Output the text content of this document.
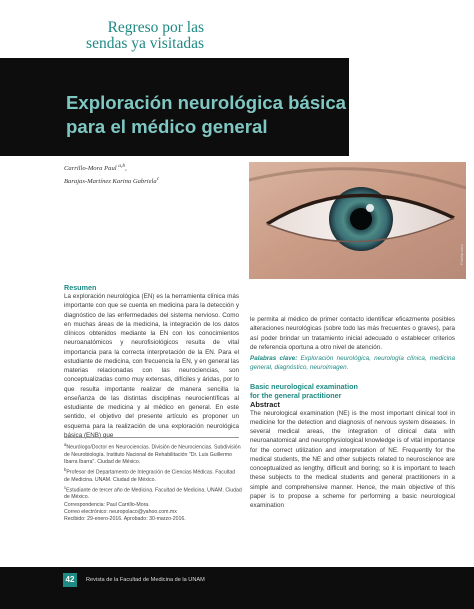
Regreso por las
sendas ya visitadas
Exploración neurológica básica
para el médico general
Carrillo-Mora Paul $^{a,b}$,
Barajas-Martínez Karina Gabriela$^c$
Fotolia.com

Resumen

La exploración neurológica (EN) es la herramienta clínica más importante con que se cuenta en medicina para la detección y diagnóstico de las enfermedades del sistema nervioso. Como en muchas áreas de la medicina, la integración de los datos clínicos obtenidos mediante la EN con los conocimientos neuroanatómicos y neurofisiológicos resulta de vital importancia para la correcta interpretación de la EN. Para el estudiante de medicina, con frecuencia la EN, y en general las materias relacionadas con las neurociencias, son conceptualizadas como muy extensas, difíciles y áridas, por lo que resulta importante realizar de manera sencilla la enseñanza de las distintas disciplinas neurocientíficas al estudiante de medicina y al médico en general. En este sentido, el objetivo del presente artículo es proponer un esquema para la realización de una exploración neurológica básica (ENB) que

$^a$Neurólogo/Doctor en Neurociencias. División de Neurociencias. Subdivisión de Neurobiología. Instituto Nacional de Rehabilitación "Dr. Luis Guillermo Ibarra Ibarra". Ciudad de México.

$^b$Profesor del Departamento de Integración de Ciencias Médicas. Facultad de Medicina. UNAM. Ciudad de México.

$^c$Estudiante de tercer año de Medicina. Facultad de Medicina. UNAM. Ciudad de México.

Correspondencia: Paul Carrillo-Mora.

Correo electrónico: neuropolaco@yahoo.com.mx

Recibido: 29-enero-2016. Aprobado: 30-marzo-2016.

le permita al médico de primer contacto identificar eficazmente posibles alteraciones neurológicas (sobre todo las más frecuentes o graves), para así poder brindar un tratamiento inicial adecuado o establecer criterios de referencia oportuna a otro nivel de atención.

Palabras clave: Exploración neurológica, neurología clínica, medicina general, diagnóstico, neuroimagen.

Basic neurological examination

for the general practitioner

Abstract

The neurological examination (NE) is the most important clinical tool in medicine for the detection and diagnosis of nervous system diseases. In several medical areas, the integration of clinical data with neuroanatomical and neurophysiological knowledge is of vital importance for the correct utilization and interpretation of NE. Frequently for the medical students, the NE and other subjects related to neuroscience are conceptualized as lengthy, difficult and boring; so it is important to teach these subjects to the medical students and general practitioners in a simple and comprehensive manner. Hence, the main objective of this paper is to propose a scheme for performing a basic neurological examination

42	Revista de la Facultad de Medicina de la UNAM
